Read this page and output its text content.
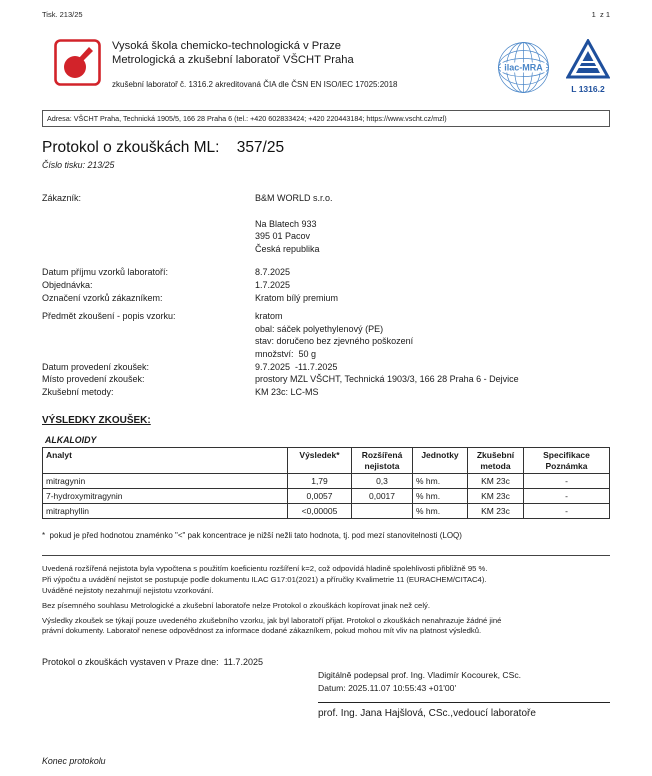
Tisk. 213/25	1  z 1
Vysoká škola chemicko-technologická v Praze
Metrologická a zkušební laboratoř VŠCHT Praha
zkušební laboratoř č. 1316.2 akreditovaná ČIA dle ČSN EN ISO/IEC 17025:2018
ilac-MRA
L 1316.2
Adresa: VŠCHT Praha, Technická 1905/5, 166 28 Praha 6 (tel.: +420 602833424; +420 220443184; https://www.vscht.cz/mzl)
Protokol o zkouškách ML:    357/25
Číslo tisku: 213/25
Zákazník:	B&M WORLD s.r.o.
Na Blatech 933
395 01 Pacov
Česká republika
Datum příjmu vzorků laboratoří:	8.7.2025
Objednávka:	1.7.2025
Označení vzorků zákazníkem:	Kratom bílý premium
Předmět zkoušení - popis vzorku:	kratom
obal: sáček polyethylenový (PE)
stav: doručeno bez zjevného poškození
množství:  50 g
Datum provedení zkoušek:	9.7.2025  -11.7.2025
Místo provedení zkoušek:	prostory MZL VŠCHT, Technická 1903/3, 166 28 Praha 6 - Dejvice
Zkušební metody:	KM 23c: LC-MS
VÝSLEDKY ZKOUŠEK:
ALKALOIDY
Analyt	Výsledek*	Rozšířená nejistota	Jednotky	Zkušební metoda	Specifikace Poznámka
mitragynin	1,79	0,3	% hm.	KM 23c	-
7-hydroxymitragynin	0,0057	0,0017	% hm.	KM 23c	-
mitraphyllin	<0,00005		% hm.	KM 23c	-
*  pokud je před hodnotou znaménko "<" pak koncentrace je nižší nežli tato hodnota, tj. pod mezí stanovitelnosti (LOQ)
Uvedená rozšířená nejistota byla vypočtena s použitím koeficientu rozšíření k=2, což odpovídá hladině spolehlivosti přibližně 95 %.
Při výpočtu a uvádění nejistot se postupuje podle dokumentu ILAC G17:01(2021) a příručky Kvalimetrie 11 (EURACHEM/CITAC4).
Uváděné nejistoty nezahrnují nejistotu vzorkování.
Bez písemného souhlasu Metrologické a zkušební laboratoře nelze Protokol o zkouškách kopírovat jinak než celý.
Výsledky zkoušek se týkají pouze uvedeného zkušebního vzorku, jak byl laboratoří přijat. Protokol o zkouškách nenahrazuje žádné jiné
právní dokumenty. Laboratoř nenese odpovědnost za informace dodané zákazníkem, pokud mohou mít vliv na platnost výsledků.
Protokol o zkouškách vystaven v Praze dne:  11.7.2025
Digitálně podepsal prof. Ing. Vladimír Kocourek, CSc.
Datum: 2025.11.07 10:55:43 +01'00'
prof. Ing. Jana Hajšlová, CSc.,vedoucí laboratoře
Konec protokolu
